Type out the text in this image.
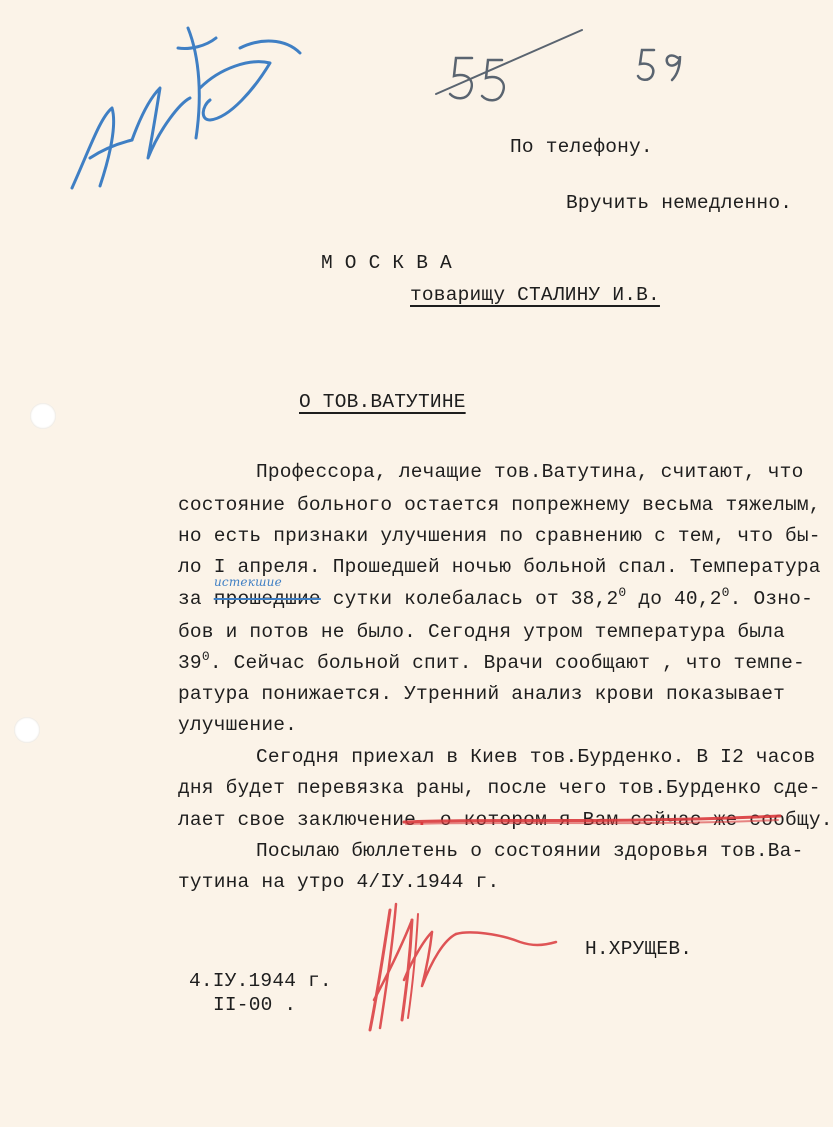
По телефону.
Вручить немедленно.
М О С К В А
товарищу СТАЛИНУ И.В.
О ТОВ.ВАТУТИНЕ
Профессора, лечащие тов.Ватутина, считают, что
состояние больного остается попрежнему весьма тяжелым,
но есть признаки улучшения по сравнению с тем, что бы-
ло I апреля. Прошедшей ночью больной спал. Температура
за прошедшие сутки колебалась от 38,2$^0$ до 40,2$^0$. Озно-
истекшие
бов и потов не было. Сегодня утром температура была
$39^0$. Сейчас больной спит. Врачи сообщают , что темпе-
ратура понижается. Утренний анализ крови показывает
улучшение.
Сегодня приехал в Киев тов.Бурденко. В I2 часов
дня будет перевязка раны, после чего тов.Бурденко сде-
лает свое заключение. о котором я Вам сейчас же сообщу.
Посылаю бюллетень о состоянии здоровья тов.Ва-
тутина на утро 4/IУ.1944 г.
Н.ХРУЩЕВ.
4.IУ.1944 г.
II-00 .
